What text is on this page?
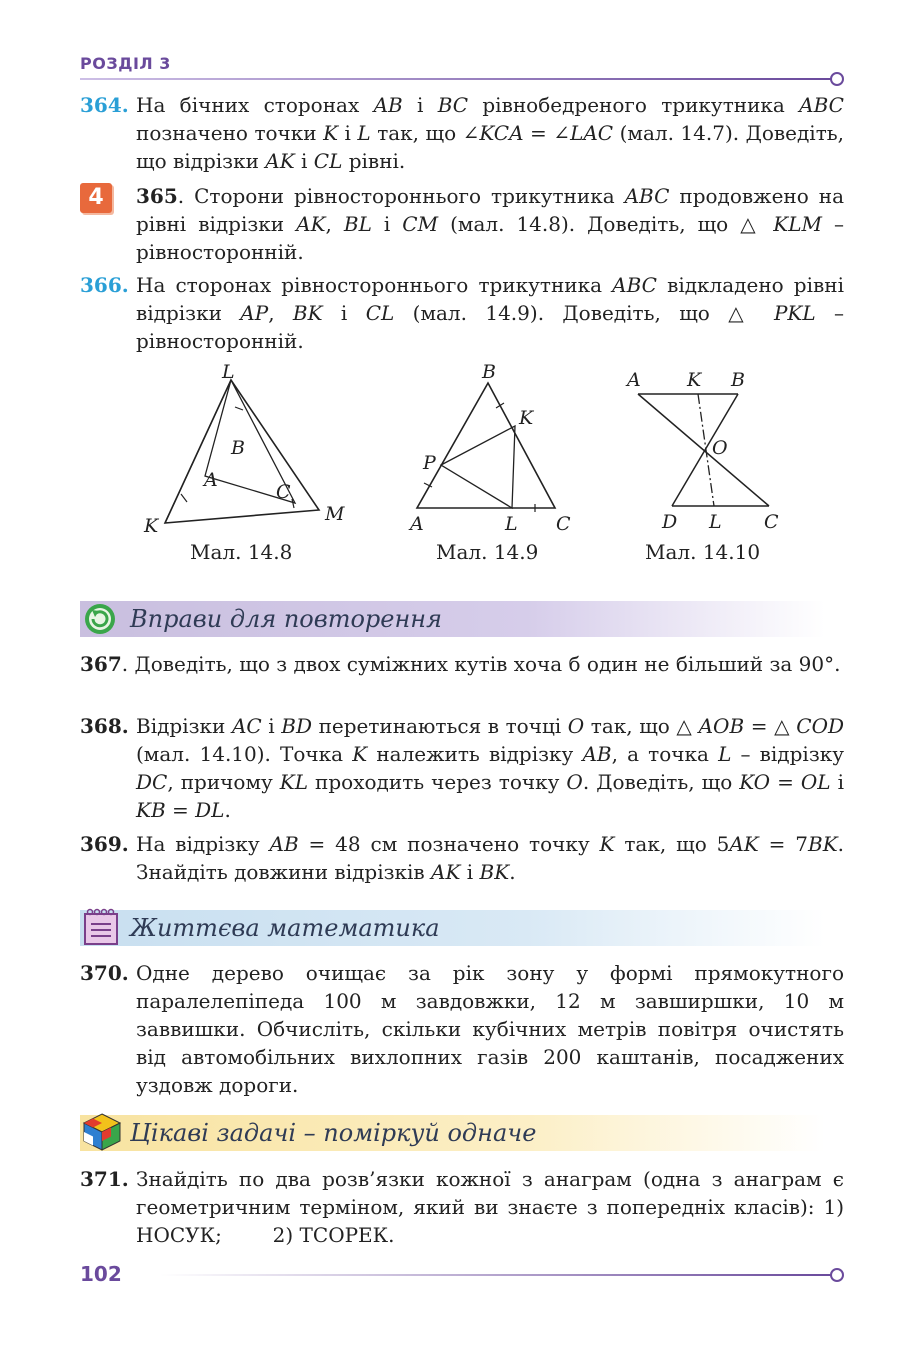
РОЗДІЛ 3
364. На бічних сторонах AB і BC рівнобедреного трикутника ABC позначено точки K і L так, що ∠KCA = ∠LAC (мал. 14.7). Доведіть, що відрізки AK і CL рівні.
4	365. Сторони рівностороннього трикутника ABC продовжено на рівні відрізки AK, BL і CM (мал. 14.8). Доведіть, що △ KLM – рівносторонній.
366. На сторонах рівностороннього трикутника ABC відкладено рівні відрізки AP, BK і CL (мал. 14.9). Доведіть, що △ PKL – рівносторонній.
L
B
A
C
K
M
Мал. 14.8
B
K
P
A	L C
Мал. 14.9
A K B
O
D L C
Мал. 14.10
Вправи для повторення
367. Доведіть, що з двох суміжних кутів хоча б один не більший за 90°.
368. Відрізки AC і BD перетинаються в точці O так, що △ AOB = △ COD (мал. 14.10). Точка K належить відрізку AB, а точка L – відрізку DC, причому KL проходить через точку O. Доведіть, що KO = OL і KB = DL.
369. На відрізку AB = 48 см позначено точку K так, що 5AK = 7BK. Знайдіть довжини відрізків AK і BK.
Життєва математика
370. Одне дерево очищає за рік зону у формі прямокутного паралелепіпеда 100 м завдовжки, 12 м завширшки, 10 м заввишки. Обчисліть, скільки кубічних метрів повітря очистять від автомобільних вихлопних газів 200 каштанів, посаджених уздовж дороги.
Цікаві задачі – поміркуй одначе
371. Знайдіть по два розв’язки кожної з анаграм (одна з анаграм є геометричним терміном, який ви знаєте з попередніх класів): 1) НОСУК;        2) ТСОРЕК.
102
